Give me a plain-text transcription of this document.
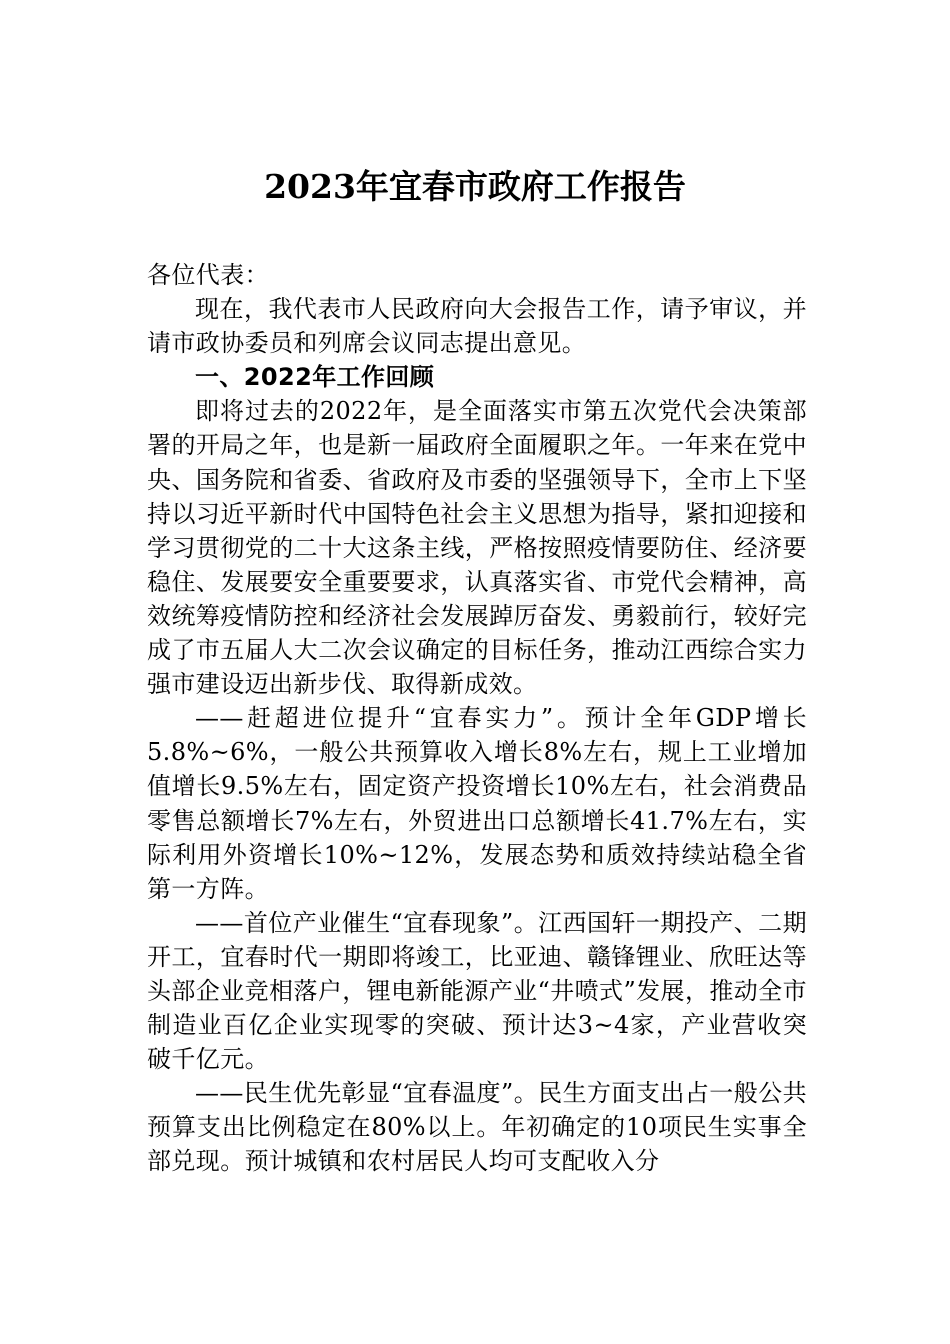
2023年宜春市政府工作报告

各位代表：

现在，我代表市人民政府向大会报告工作，请予审议，并请市政协委员和列席会议同志提出意见。

一、2022年工作回顾

即将过去的2022年，是全面落实市第五次党代会决策部署的开局之年，也是新一届政府全面履职之年。一年来在党中央、国务院和省委、省政府及市委的坚强领导下，全市上下坚持以习近平新时代中国特色社会主义思想为指导，紧扣迎接和学习贯彻党的二十大这条主线，严格按照疫情要防住、经济要稳住、发展要安全重要要求，认真落实省、市党代会精神，高效统筹疫情防控和经济社会发展踔厉奋发、勇毅前行，较好完成了市五届人大二次会议确定的目标任务，推动江西综合实力强市建设迈出新步伐、取得新成效。

——赶超进位提升“宜春实力”。预计全年GDP增长5.8%~6%，一般公共预算收入增长8%左右，规上工业增加值增长9.5%左右，固定资产投资增长10%左右，社会消费品零售总额增长7%左右，外贸进出口总额增长41.7%左右，实际利用外资增长10%~12%，发展态势和质效持续站稳全省第一方阵。

——首位产业催生“宜春现象”。江西国轩一期投产、二期开工，宜春时代一期即将竣工，比亚迪、赣锋锂业、欣旺达等头部企业竞相落户，锂电新能源产业“井喷式”发展，推动全市制造业百亿企业实现零的突破、预计达3~4家，产业营收突破千亿元。

——民生优先彰显“宜春温度”。民生方面支出占一般公共预算支出比例稳定在80%以上。年初确定的10项民生实事全部兑现。预计城镇和农村居民人均可支配收入分
